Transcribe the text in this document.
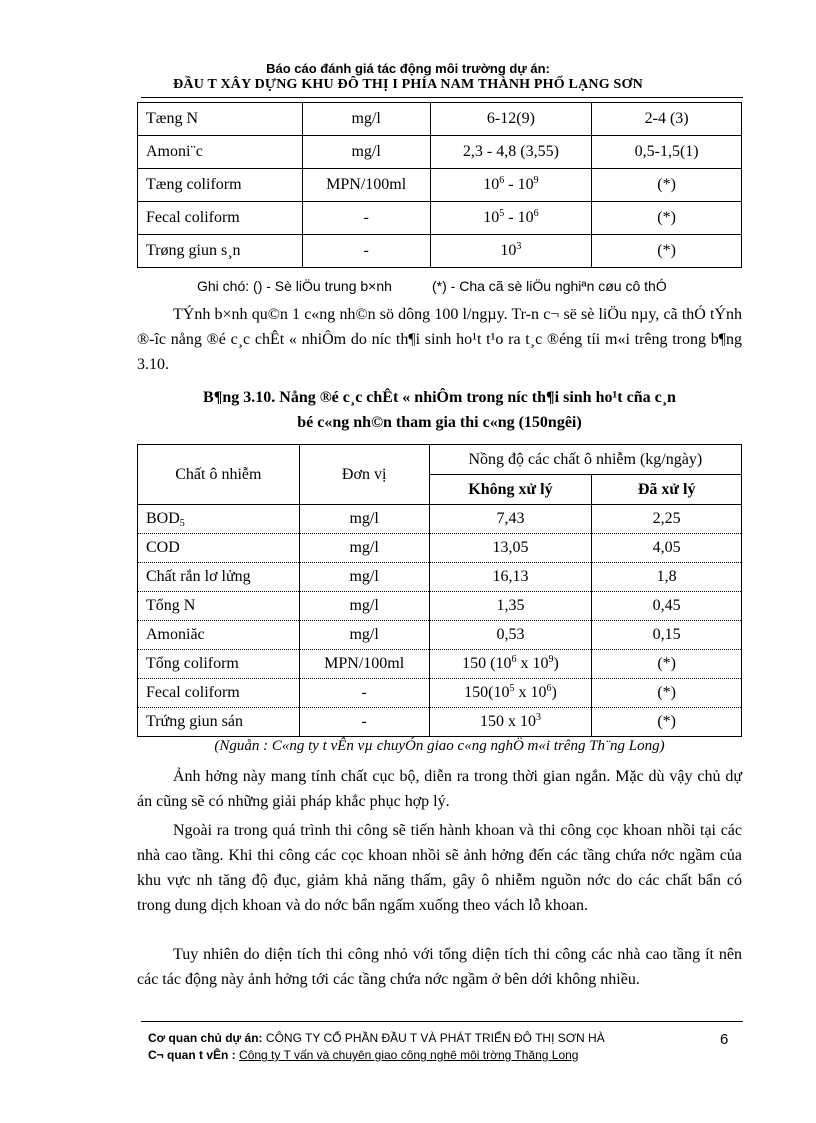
Báo cáo đánh giá tác động môi trường dự án:
ĐẦU T XÂY DỰNG KHU ĐÔ THỊ I PHÍA NAM THÀNH PHỐ LẠNG SƠN
Tæng N	mg/l	6-12(9)	2-4 (3)
Amoni¨c	mg/l	2,3 - 4,8 (3,55)	0,5-1,5(1)
Tæng coliform	MPN/100ml	$10^6 - 10^9$	(*)
Fecal coliform	-	$10^5 - 10^6$	(*)
Trøng giun s¸n	-	$10^3$	(*)
Ghi chó: () - Sè liÖu trung b×nh	(*) - Cha cã sè liÖu nghiªn cøu cô thÓ
TÝnh b×nh qu©n 1 c«ng nh©n sö dông 100 l/ngµy. Tr-n c¬ së sè liÖu nµy, cã thÓ tÝnh ®-îc nång ®é c¸c chÊt « nhiÔm do níc th¶i sinh ho¹t t¹o ra t¸c ®éng tíi m«i trêng trong b¶ng 3.10.
B¶ng 3.10. Nång ®é c¸c chÊt « nhiÔm trong níc th¶i sinh ho¹t cña c¸n
bé c«ng nh©n tham gia thi c«ng (150ngêi)
Chất ô nhiễm	Đơn vị	Nồng độ các chất ô nhiễm (kg/ngày)	
		Không xử lý	Đã xử lý
$BOD_5$	mg/l	7,43	2,25
COD	mg/l	13,05	4,05
Chất rắn lơ lửng	mg/l	16,13	1,8
Tổng N	mg/l	1,35	0,45
Amoniăc	mg/l	0,53	0,15
Tổng coliform	MPN/100ml	150 ($10^6$ x $10^9$)	(*)
Fecal coliform	-	$150(10^5$ x $10^6$)	(*)
Trứng giun sán	-	150 x $10^3$	(*)
(Nguån : C«ng ty t vÊn vµ chuyÓn giao c«ng nghÖ m«i trêng Th¨ng Long)
Ảnh hởng này mang tính chất cục bộ, diễn ra trong thời gian ngắn. Mặc dù vậy chủ dự án cũng sẽ có những giải pháp khắc phục hợp lý.
Ngoài ra trong quá trình thi công sẽ tiến hành khoan và thi công cọc khoan nhồi tại các nhà cao tầng. Khi thi công các cọc khoan nhồi sẽ ảnh hởng đến các tầng chứa nớc ngầm của khu vực nh tăng độ đục, giảm khả năng thấm, gây ô nhiễm nguồn nớc do các chất bẩn có trong dung dịch khoan và do nớc bẩn ngấm xuống theo vách lỗ khoan.
Tuy nhiên do diện tích thi công nhỏ với tổng diện tích thi công các nhà cao tầng ít nên các tác động này ảnh hởng tới các tầng chứa nớc ngầm ở bên dới không nhiều.
Cơ quan chủ dự án: CÔNG TY CỔ PHẦN ĐẦU T VÀ PHÁT TRIỂN ĐÔ THỊ SƠN HÀ
C¬ quan t vÊn : Công ty T vấn và chuyên giao công nghê môi trờng Thăng Long
6
